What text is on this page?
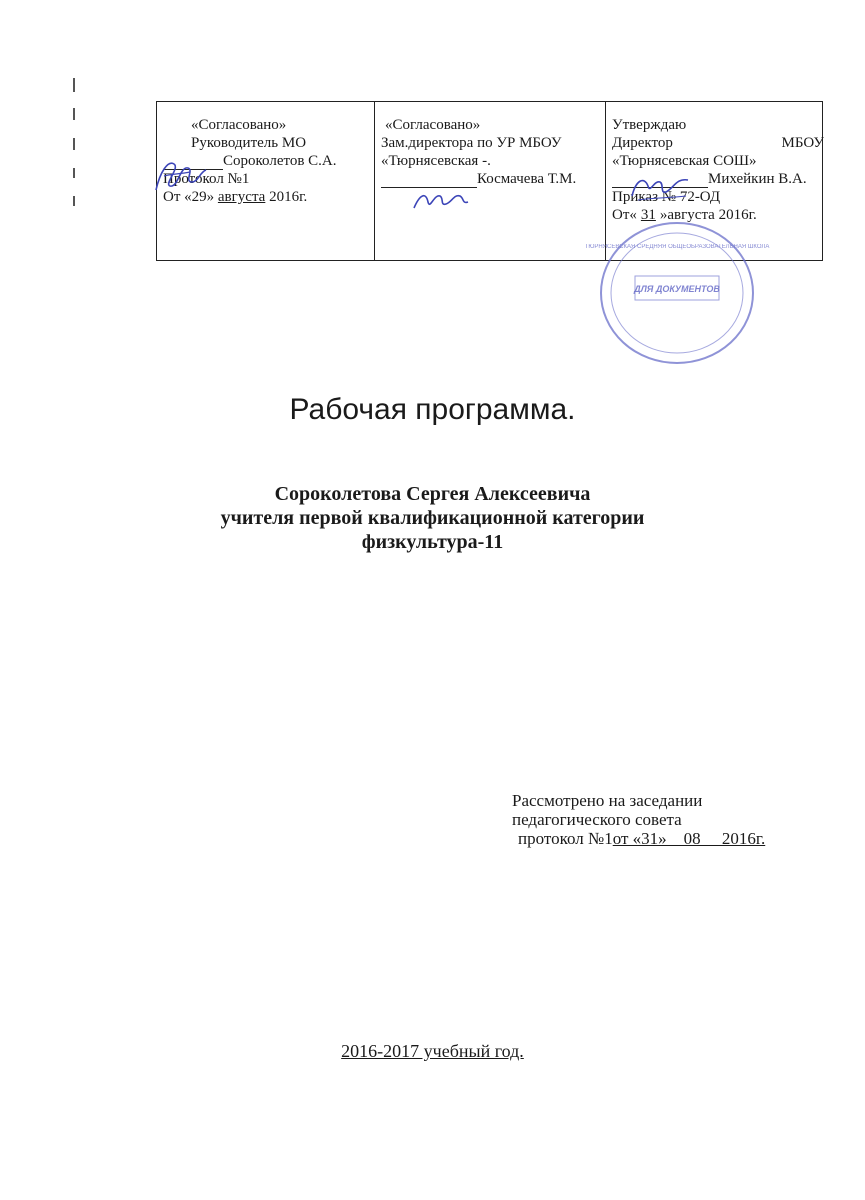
«Согласовано»
Руководитель МО
Сороколетов С.А.
Протокол №1
От «29» августа 2016г.

«Согласовано»
Зам.директора по УР МБОУ
«Тюрнясевская -.
Космачева Т.М.

Утверждаю
Директор	МБОУ
«Тюрнясевская СОШ»
Михейкин В.А.
Приказ № 72-ОД
От« 31 »августа 2016г.
ТЮРНЯСЕВСКАЯ СРЕДНЯЯ ОБЩЕОБРАЗОВАТЕЛЬНАЯ ШКОЛА
ДЛЯ ДОКУМЕНТОВ
Рабочая программа.
Сороколетова Сергея Алексеевича
учителя первой квалификационной категории
физкультура-11
Рассмотрено на заседании
педагогического совета
протокол №1от «31»    08     2016г.
2016-2017 учебный год.
